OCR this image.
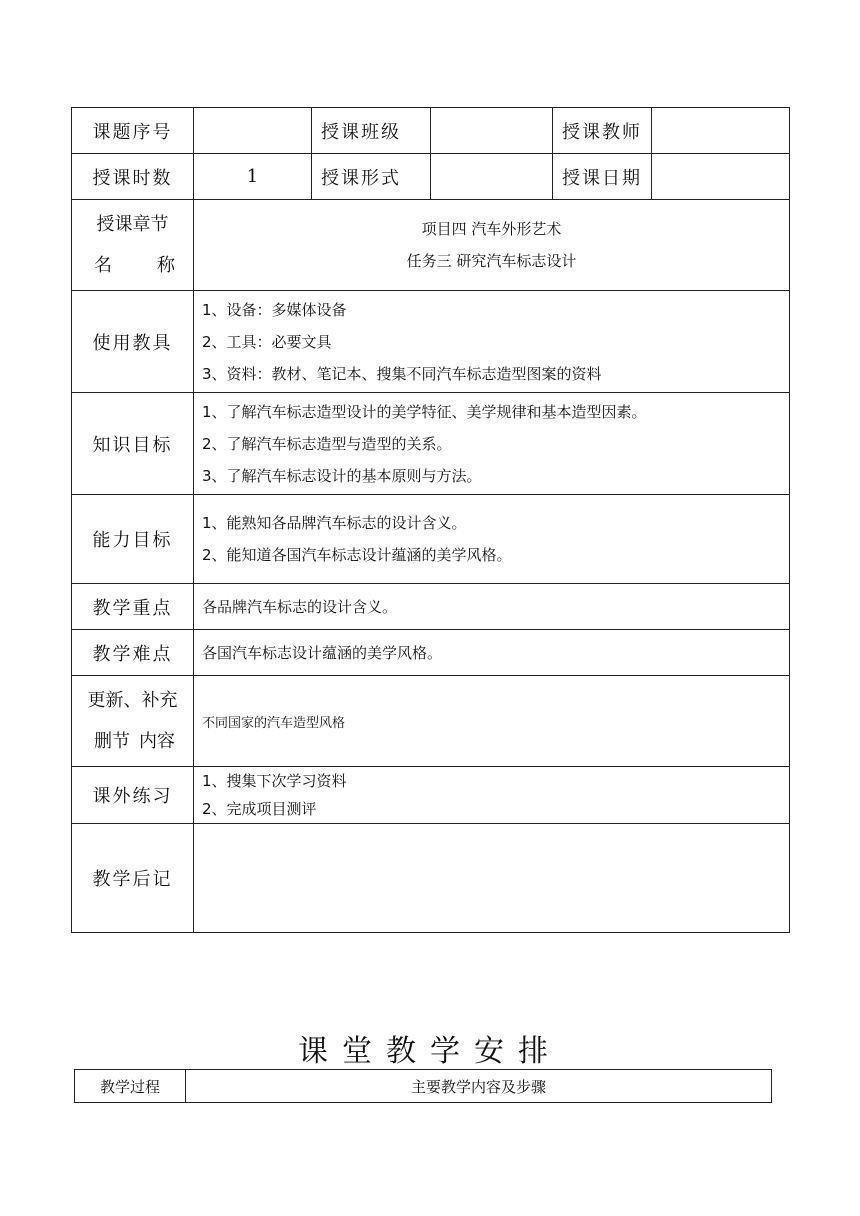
课题序号		授课班级		授课教师	
授课时数	1	授课形式		授课日期	

授课章节
名 称	项目四 汽车外形艺术
任务三 研究汽车标志设计				

使用教具	1、设备：多媒体设备
2、工具：必要文具
3、资料：教材、笔记本、搜集不同汽车标志造型图案的资料				

知识目标	1、了解汽车标志造型设计的美学特征、美学规律和基本造型因素。
2、了解汽车标志造型与造型的关系。
3、了解汽车标志设计的基本原则与方法。				

能力目标	1、能熟知各品牌汽车标志的设计含义。
2、能知道各国汽车标志设计蕴涵的美学风格。				

教学重点	各品牌汽车标志的设计含义。				
教学难点	各国汽车标志设计蕴涵的美学风格。				

更新、补充
删节 内容	不同国家的汽车造型风格				
课外练习	1、搜集下次学习资料
2、完成项目测评				

教学后记					
课堂教学安排
教学过程	主要教学内容及步骤
